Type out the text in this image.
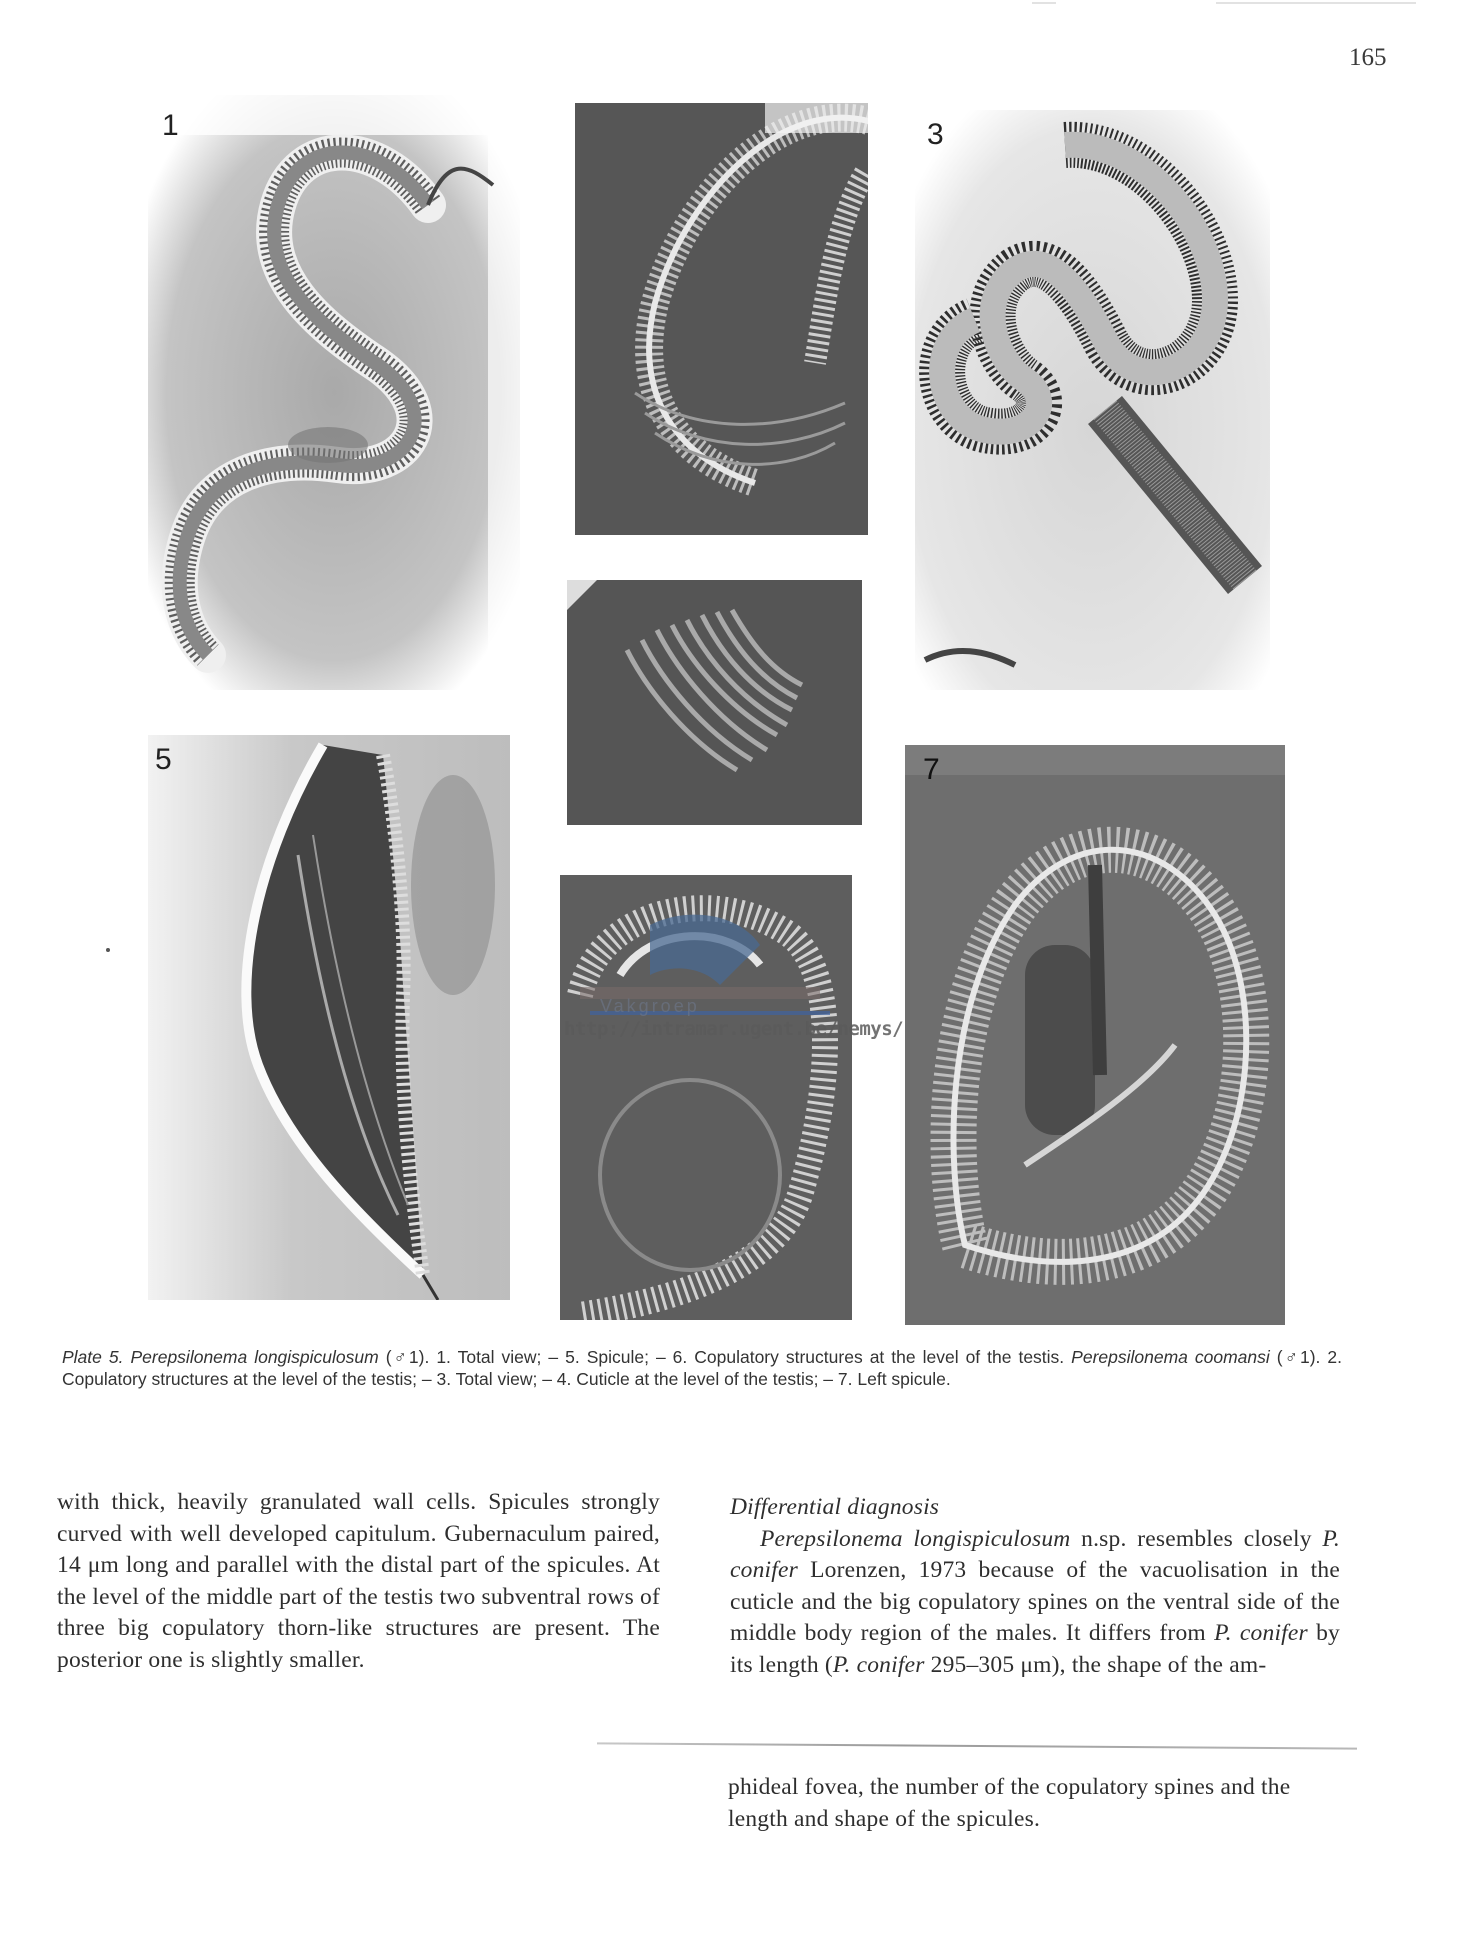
165
1	3
5
Vakgroep
http://intramar.ugent.be/nemys/
7
Plate 5. Perepsilonema longispiculosum (♂1). 1. Total view; – 5. Spicule; – 6. Copulatory structures at the level of the testis. Perepsilonema coomansi (♂1). 2. Copulatory structures at the level of the testis; – 3. Total view; – 4. Cuticle at the level of the testis; – 7. Left spicule.
with thick, heavily granulated wall cells. Spicules strongly curved with well developed capitulum. Gubernaculum paired, 14 μm long and parallel with the distal part of the spicules. At the level of the middle part of the testis two subventral rows of three big copulatory thorn-like structures are present. The posterior one is slightly smaller.
Differential diagnosis
Perepsilonema longispiculosum n.sp. resembles closely P. conifer Lorenzen, 1973 because of the vacuolisation in the cuticle and the big copulatory spines on the ventral side of the middle body region of the males. It differs from P. conifer by its length (P. conifer 295–305 μm), the shape of the am-
phideal fovea, the number of the copulatory spines and the length and shape of the spicules.
